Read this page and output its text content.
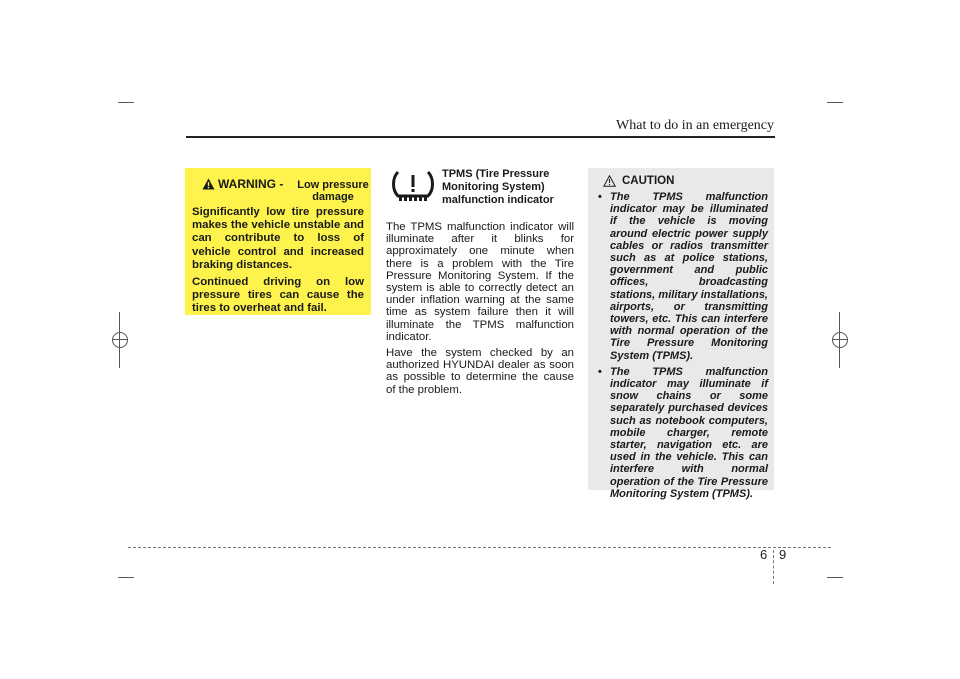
What to do in an emergency
WARNING -	Low pressure damage

Significantly low tire pressure makes the vehicle unstable and can contribute to loss of vehicle control and increased braking distances.

Continued driving on low pressure tires can cause the tires to overheat and fail.

TPMS (Tire Pressure
Monitoring System)
malfunction indicator

The TPMS malfunction indicator will illuminate after it blinks for approximately one minute when there is a problem with the Tire Pressure Monitoring System. If the system is able to correctly detect an under inflation warning at the same time as system failure then it will illuminate the TPMS malfunction indicator.

Have the system checked by an authorized HYUNDAI dealer as soon as possible to determine the cause of the problem.

CAUTION
• The TPMS malfunction indicator may be illuminated if the vehicle is moving around electric power supply cables or radios transmitter such as at police stations, government and public offices, broadcasting stations, military installations, airports, or transmitting towers, etc. This can interfere with normal operation of the Tire Pressure Monitoring System (TPMS).
• The TPMS malfunction indicator may illuminate if snow chains or some separately purchased devices such as notebook computers, mobile charger, remote starter, navigation etc. are used in the vehicle. This can interfere with normal operation of the Tire Pressure Monitoring System (TPMS).
6 9
